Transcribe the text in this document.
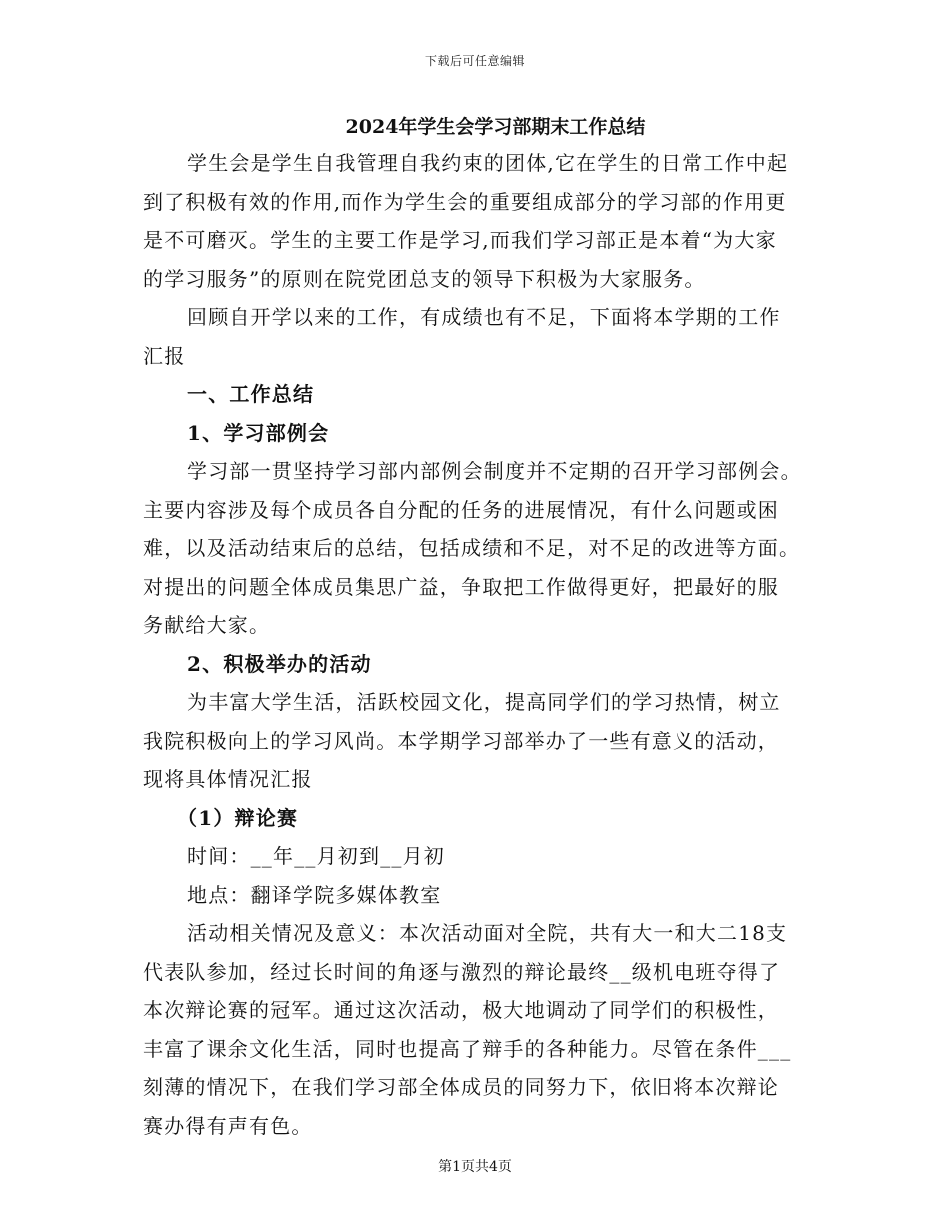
下载后可任意编辑
2024年学生会学习部期末工作总结
学生会是学生自我管理自我约束的团体,它在学生的日常工作中起
到了积极有效的作用,而作为学生会的重要组成部分的学习部的作用更
是不可磨灭。学生的主要工作是学习,而我们学习部正是本着“为大家
的学习服务”的原则在院党团总支的领导下积极为大家服务。
回顾自开学以来的工作，有成绩也有不足，下面将本学期的工作
汇报
一、工作总结
1、学习部例会
学习部一贯坚持学习部内部例会制度并不定期的召开学习部例会。
主要内容涉及每个成员各自分配的任务的进展情况，有什么问题或困
难，以及活动结束后的总结，包括成绩和不足，对不足的改进等方面。
对提出的问题全体成员集思广益，争取把工作做得更好，把最好的服
务献给大家。
2、积极举办的活动
为丰富大学生活，活跃校园文化，提高同学们的学习热情，树立
我院积极向上的学习风尚。本学期学习部举办了一些有意义的活动，
现将具体情况汇报
（1）辩论赛
时间：__年__月初到__月初
地点：翻译学院多媒体教室
活动相关情况及意义：本次活动面对全院，共有大一和大二18支
代表队参加，经过长时间的角逐与激烈的辩论最终__级机电班夺得了
本次辩论赛的冠军。通过这次活动，极大地调动了同学们的积极性，
丰富了课余文化生活，同时也提高了辩手的各种能力。尽管在条件___
刻薄的情况下，在我们学习部全体成员的同努力下，依旧将本次辩论
赛办得有声有色。
第1页共4页
